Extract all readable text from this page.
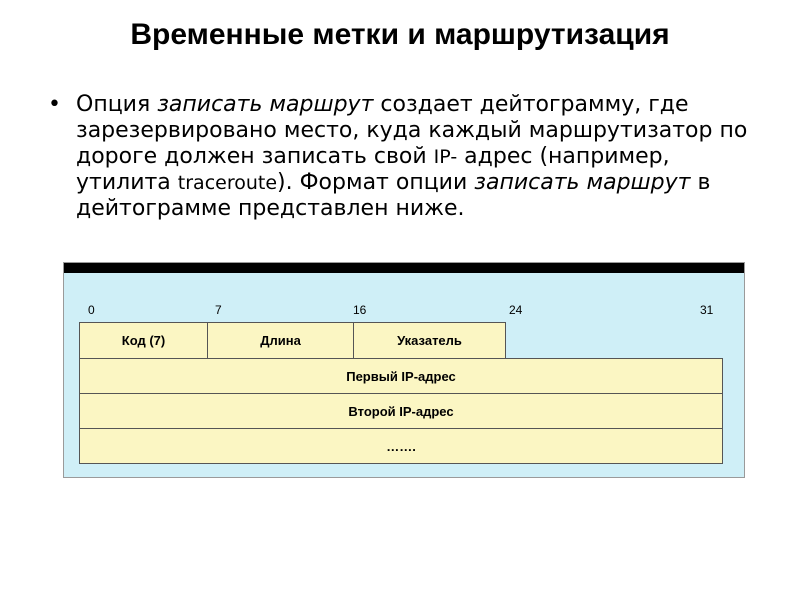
Временные метки и маршрутизация
• Опция записать маршрут создает дейтограмму, где зарезервировано место, куда каждый маршрутизатор по дороге должен записать свой IP- адрес (например, утилита traceroute). Формат опции записать маршрут в дейтограмме представлен ниже.
0	7	16	24	31
Код (7)	Длина	Указатель
Первый IP-адрес
Второй IP-адрес
…….
